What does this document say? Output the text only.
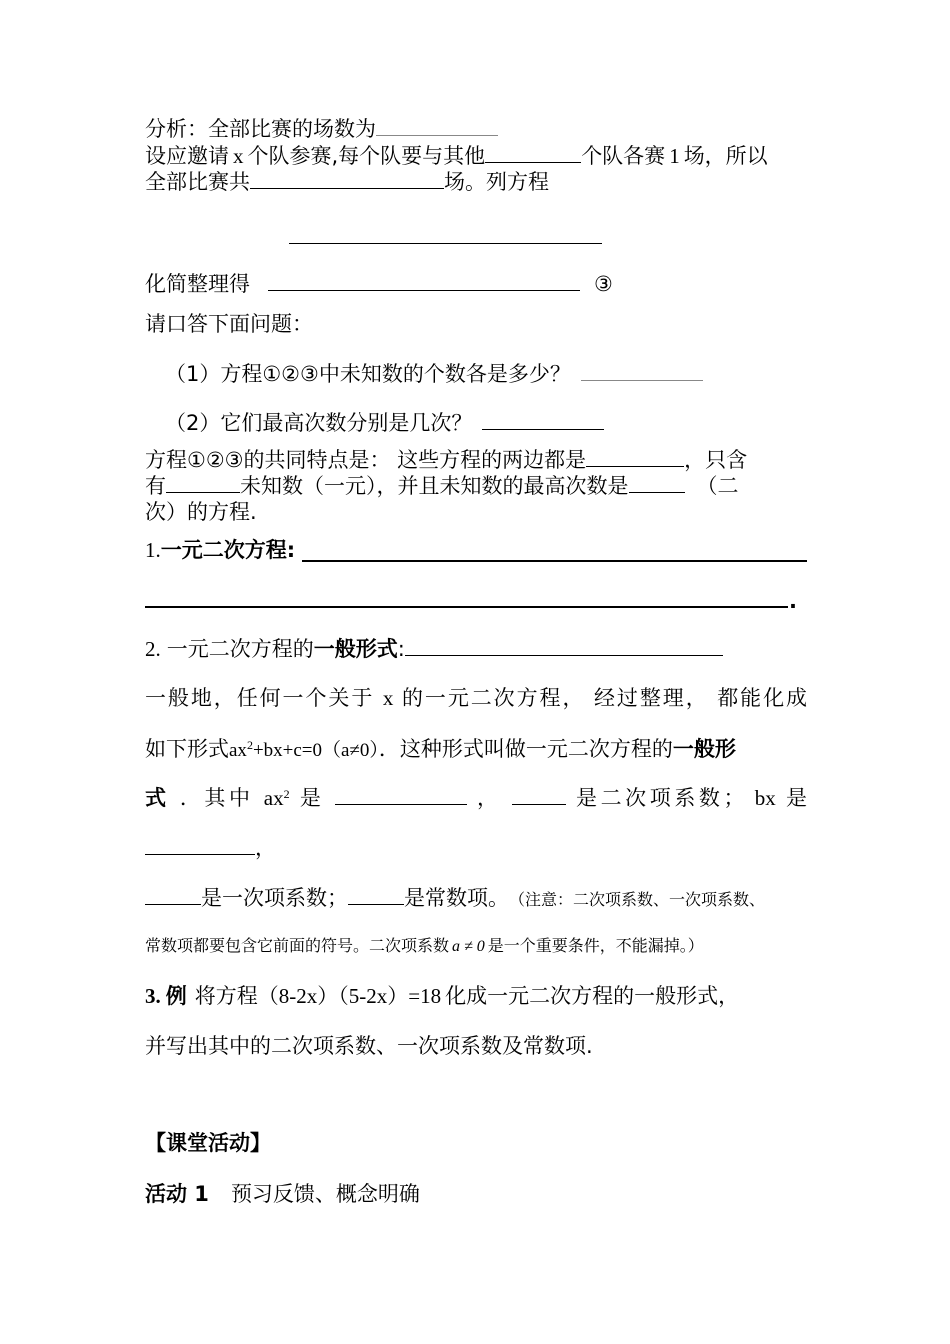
分析：全部比赛的场数为
设应邀请 x 个队参赛,每个队要与其他	个队各赛 1 场，所以
全部比赛共	场。列方程
化简整理得	③
请口答下面问题：
（1）方程①②③中未知数的个数各是多少？
（2）它们最高次数分别是几次？
方程①②③的共同特点是： 这些方程的两边都是	，只含
有	未知数（一元），并且未知数的最高次数是	（二
次）的方程.
1.一元二次方程:
.
2. 一元二次方程的一般形式:
一般地，任何一个关于 x 的一元二次方程， 经过整理， 都能化成
如下形式$ax^2+bx+c=0(a\ne 0)$．这种形式叫做一元二次方程的一般形
式 ．其中 $ax^2$ 是	，	是二次项系数； bx 是
，
是一次项系数；	是常数项。 （注意：二次项系数、一次项系数、
常数项都要包含它前面的符号。二次项系数 a ≠ 0 是一个重要条件，不能漏掉。）
3. 例 将方程（8-2x）（5-2x）=18 化成一元二次方程的一般形式，
并写出其中的二次项系数、一次项系数及常数项.
【课堂活动】
活动 1 预习反馈、概念明确
